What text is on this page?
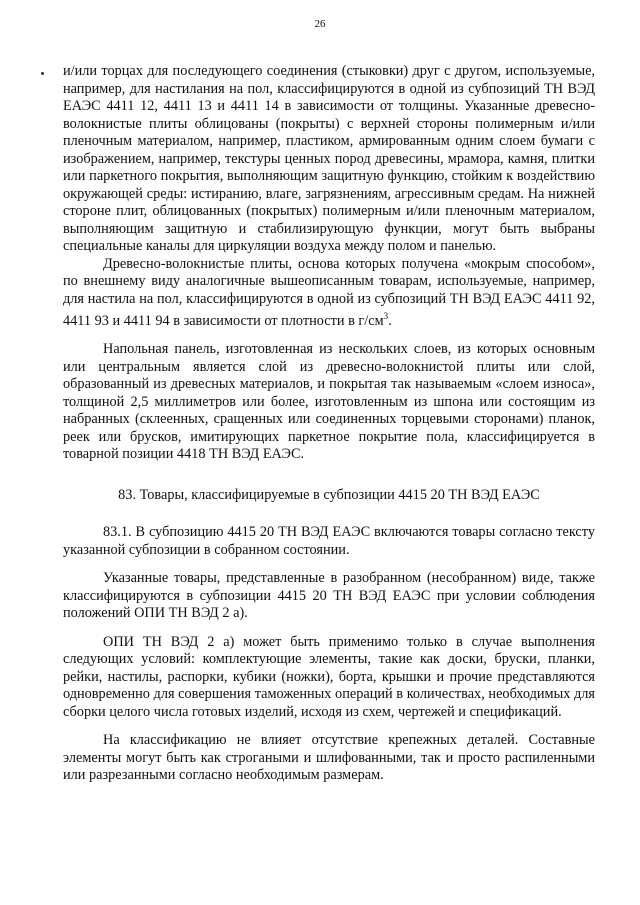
26

и/или торцах для последующего соединения (стыковки) друг с другом, используемые, например, для настилания на пол, классифицируются в одной из субпозиций ТН ВЭД ЕАЭС 4411 12, 4411 13 и 4411 14 в зависимости от толщины. Указанные древесно-волокнистые плиты облицованы (покрыты) с верхней стороны полимерным и/или пленочным материалом, например, пластиком, армированным одним слоем бумаги с изображением, например, текстуры ценных пород древесины, мрамора, камня, плитки или паркетного покрытия, выполняющим защитную функцию, стойким к воздействию окружающей среды: истиранию, влаге, загрязнениям, агрессивным средам. На нижней стороне плит, облицованных (покрытых) полимерным и/или пленочным материалом, выполняющим защитную и стабилизирующую функции, могут быть выбраны специальные каналы для циркуляции воздуха между полом и панелью.

Древесно-волокнистые плиты, основа которых получена «мокрым способом», по внешнему виду аналогичные вышеописанным товарам, используемые, например, для настила на пол, классифицируются в одной из субпозиций ТН ВЭД ЕАЭС 4411 92, 4411 93 и 4411 94 в зависимости от плотности в $г/см^3$.

Напольная панель, изготовленная из нескольких слоев, из которых основным или центральным является слой из древесно-волокнистой плиты или слой, образованный из древесных материалов, и покрытая так называемым «слоем износа», толщиной 2,5 миллиметров или более, изготовленным из шпона или состоящим из набранных (склеенных, сращенных или соединенных торцевыми сторонами) планок, реек или брусков, имитирующих паркетное покрытие пола, классифицируется в товарной позиции 4418 ТН ВЭД ЕАЭС.

83. Товары, классифицируемые в субпозиции 4415 20 ТН ВЭД ЕАЭС

83.1. В субпозицию 4415 20 ТН ВЭД ЕАЭС включаются товары согласно тексту указанной субпозиции в собранном состоянии.

Указанные товары, представленные в разобранном (несобранном) виде, также классифицируются в субпозиции 4415 20 ТН ВЭД ЕАЭС при условии соблюдения положений ОПИ ТН ВЭД 2 а).

ОПИ ТН ВЭД 2 а) может быть применимо только в случае выполнения следующих условий: комплектующие элементы, такие как доски, бруски, планки, рейки, настилы, распорки, кубики (ножки), борта, крышки и прочие представляются одновременно для совершения таможенных операций в количествах, необходимых для сборки целого числа готовых изделий, исходя из схем, чертежей и спецификаций.

На классификацию не влияет отсутствие крепежных деталей. Составные элементы могут быть как строгаными и шлифованными, так и просто распиленными или разрезанными согласно необходимым размерам.
